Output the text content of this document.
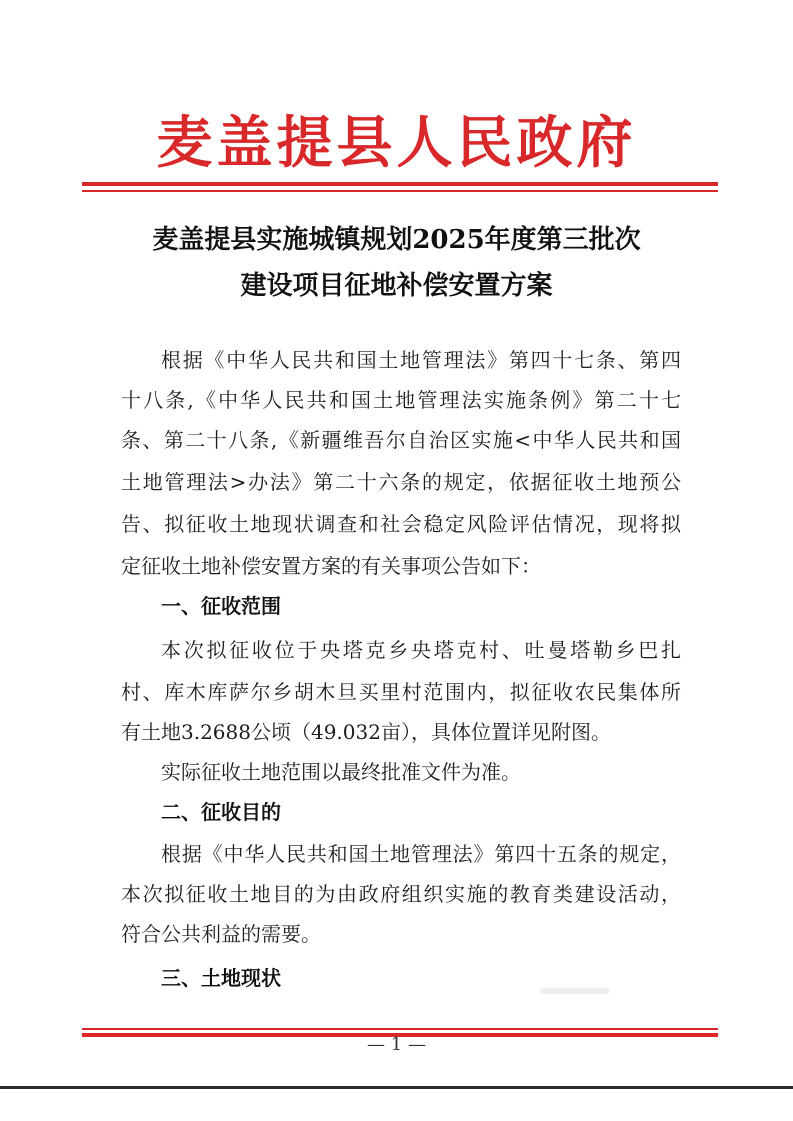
麦盖提县人民政府
麦盖提县实施城镇规划2025年度第三批次
建设项目征地补偿安置方案
根据《中华人民共和国土地管理法》第四十七条、第四
十八条,《中华人民共和国土地管理法实施条例》第二十七
条、第二十八条,《新疆维吾尔自治区实施<中华人民共和国
土地管理法>办法》第二十六条的规定，依据征收土地预公
告、拟征收土地现状调查和社会稳定风险评估情况，现将拟
定征收土地补偿安置方案的有关事项公告如下：
一、征收范围
本次拟征收位于央塔克乡央塔克村、吐曼塔勒乡巴扎
村、库木库萨尔乡胡木旦买里村范围内，拟征收农民集体所
有土地3.2688公顷（49.032亩），具体位置详见附图。
实际征收土地范围以最终批准文件为准。
二、征收目的
根据《中华人民共和国土地管理法》第四十五条的规定，
本次拟征收土地目的为由政府组织实施的教育类建设活动，
符合公共利益的需要。
三、土地现状
— 1 —
